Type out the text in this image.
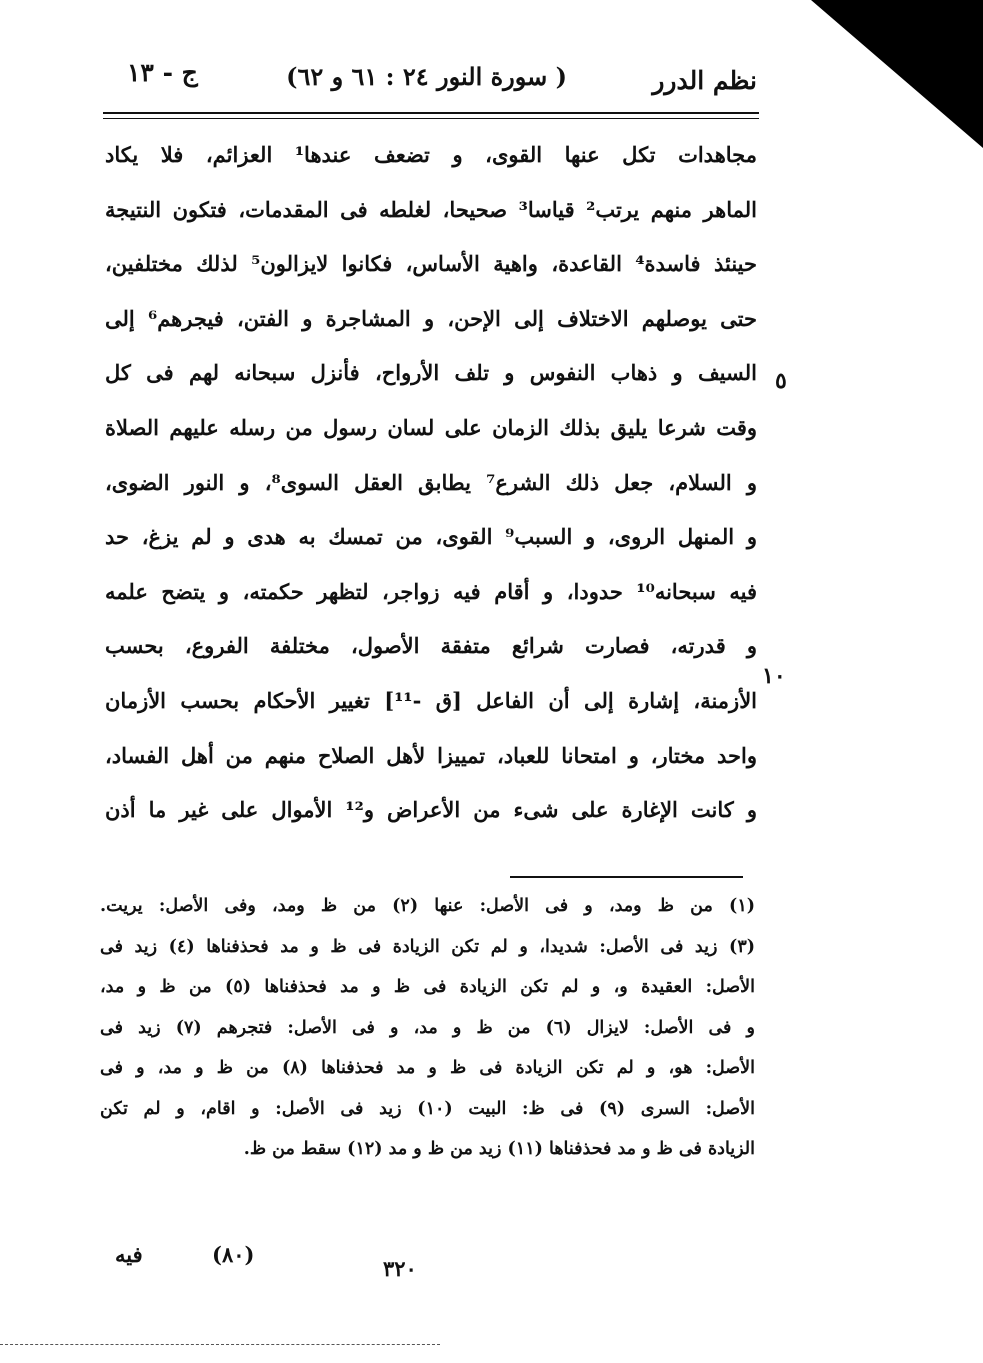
نظم الدرر
( سورة النور ٢٤ : ٦١ و ٦٢)
ج - ١٣
مجاهدات تكل عنها القوى، و تضعف عندها¹ العزائم، فلا يكاد
الماهر منهم يرتب² قياسا³ صحيحا، لغلطه فى المقدمات، فتكون النتيجة
حينئذ فاسدة⁴ القاعدة، واهية الأساس، فكانوا لايزالون⁵ لذلك مختلفين،
حتى يوصلهم الاختلاف إلى الإحن، و المشاجرة و الفتن، فيجرهم⁶ إلى
السيف و ذهاب النفوس و تلف الأرواح، فأنزل سبحانه لهم فى كل
وقت شرعا يليق بذلك الزمان على لسان رسول من رسله عليهم الصلاة
و السلام، جعل ذلك الشرع⁷ يطابق العقل السوى⁸، و النور الضوى،
و المنهل الروى، و السبب⁹ القوى، من تمسك به هدى و لم يزغ، حد
فيه سبحانه¹⁰ حدودا، و أقام فيه زواجر، لتظهر حكمته، و يتضح علمه
و قدرته، فصارت شرائع متفقة الأصول، مختلفة الفروع، بحسب
الأزمنة، إشارة إلى أن الفاعل [ق -¹¹] تغيير الأحكام بحسب الأزمان
واحد مختار، و امتحانا للعباد، تمييزا لأهل الصلاح منهم من أهل الفساد،
و كانت الإغارة على شىء من الأعراض و¹² الأموال على غير ما أذن
٥
١٠
(١) من ظ ومد، و فى الأصل: عنها (٢) من ظ ومد، وفى الأصل: يريت.
(٣) زيد فى الأصل: شديدا، و لم تكن الزيادة فى ظ و مد فحذفناها (٤) زيد فى
الأصل: العقيدة و، و لم تكن الزيادة فى ظ و مد فحذفناها (٥) من ظ و مد،
و فى الأصل: لايزال (٦) من ظ و مد، و فى الأصل: فتجرهم (٧) زيد فى
الأصل: هو، و لم تكن الزيادة فى ظ و مد فحذفناها (٨) من ظ و مد، و فى
الأصل: السرى (٩) فى ظ: البيت (١٠) زيد فى الأصل: و اقام، و لم تكن
الزيادة فى ظ و مد فحذفناها (١١) زيد من ظ و مد (١٢) سقط من ظ.
فيه	(٨٠)
٣٢٠
